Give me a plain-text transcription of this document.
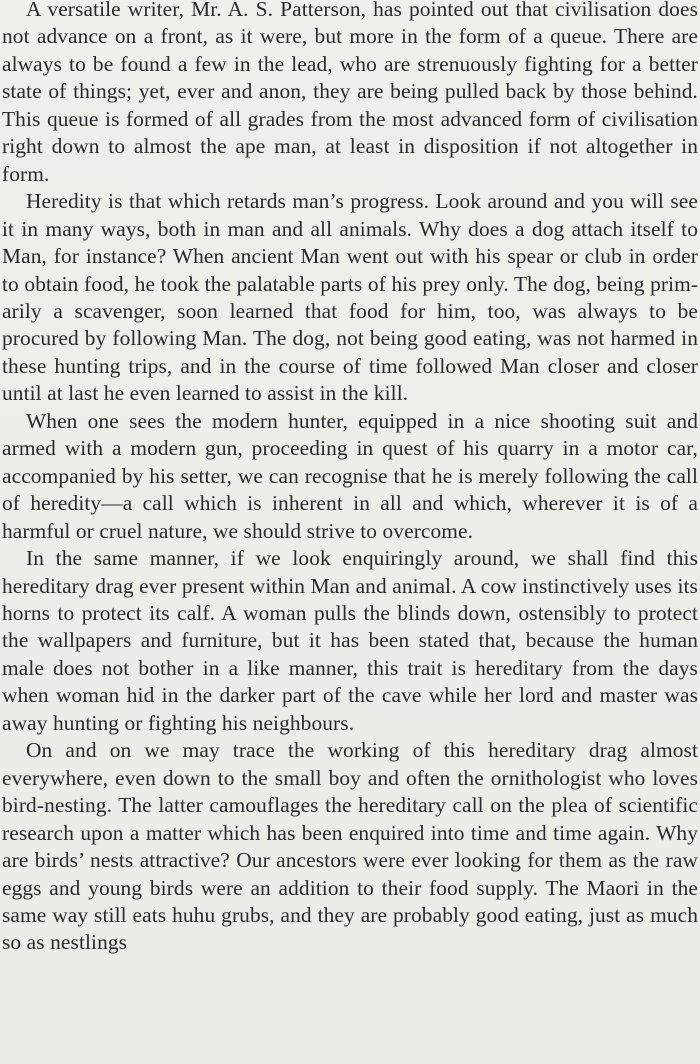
A versatile writer, Mr. A. S. Patterson, has pointed out that civilisation does not advance on a front, as it were, but more in the form of a queue. There are always to be found a few in the lead, who are strenuously fighting for a better state of things; yet, ever and anon, they are being pulled back by those behind. This queue is formed of all grades from the most advanced form of civilisation right down to almost the ape man, at least in disposition if not altogether in form.

Heredity is that which retards man’s progress. Look around and you will see it in many ways, both in man and all animals. Why does a dog attach itself to Man, for instance? When ancient Man went out with his spear or club in order to obtain food, he took the palatable parts of his prey only. The dog, being primarily a scavenger, soon learned that food for him, too, was always to be procured by following Man. The dog, not being good eating, was not harmed in these hunting trips, and in the course of time followed Man closer and closer until at last he even learned to assist in the kill.

When one sees the modern hunter, equipped in a nice shooting suit and armed with a modern gun, proceeding in quest of his quarry in a motor car, accompanied by his setter, we can recognise that he is merely following the call of heredity—a call which is inherent in all and which, wherever it is of a harmful or cruel nature, we should strive to overcome.

In the same manner, if we look enquiringly around, we shall find this hereditary drag ever present within Man and animal. A cow instinctively uses its horns to protect its calf. A woman pulls the blinds down, ostensibly to protect the wallpapers and furniture, but it has been stated that, because the human male does not bother in a like manner, this trait is hereditary from the days when woman hid in the darker part of the cave while her lord and master was away hunting or fighting his neighbours.

On and on we may trace the working of this hereditary drag almost everywhere, even down to the small boy and often the ornithologist who loves bird-nesting. The latter camouflages the hereditary call on the plea of scientific research upon a matter which has been enquired into time and time again. Why are birds’ nests attractive? Our ancestors were ever looking for them as the raw eggs and young birds were an addition to their food supply. The Maori in the same way still eats huhu grubs, and they are probably good eating, just as much so as nestlings
